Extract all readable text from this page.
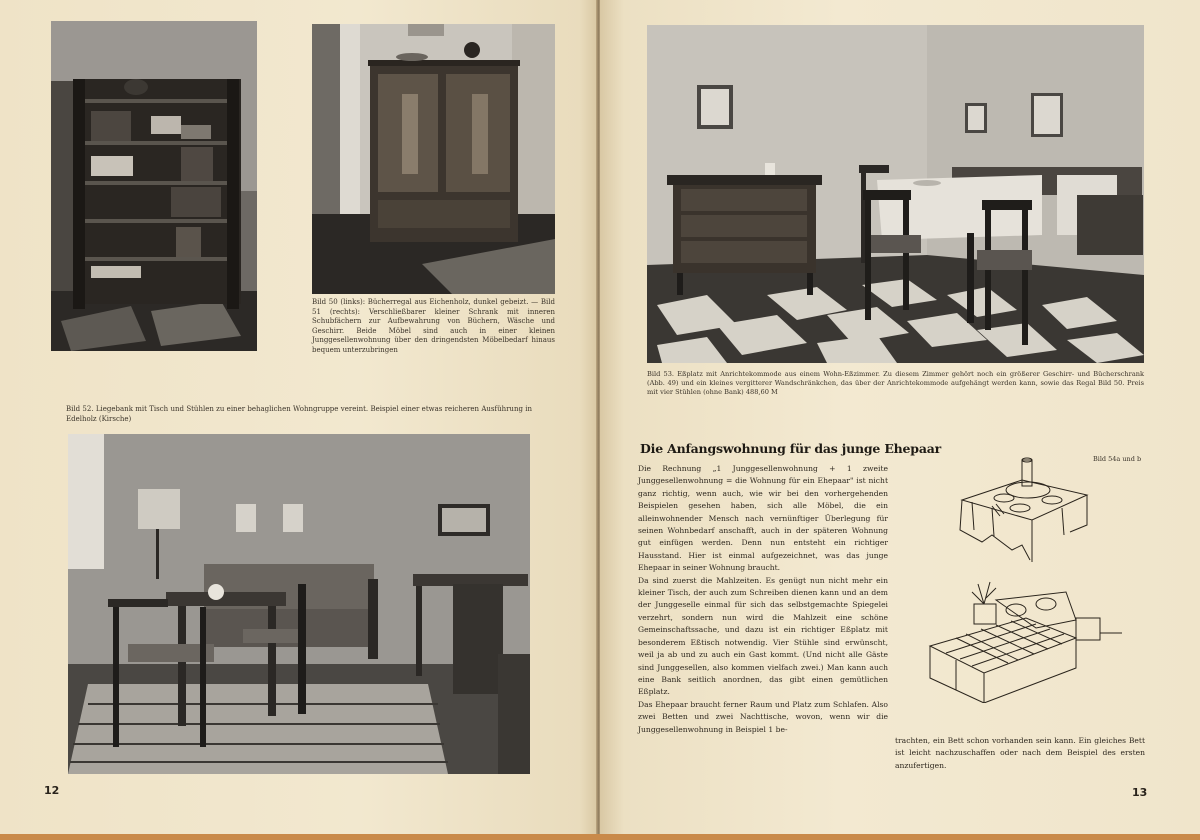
Bild 50 (links): Bücherregal aus Eichenholz, dunkel gebeizt. — Bild 51 (rechts): Verschließbarer kleiner Schrank mit inneren Schubfächern zur Aufbewahrung von Büchern, Wäsche und Geschirr. Beide Möbel sind auch in einer kleinen Junggesellenwohnung über den dringendsten Möbelbedarf hinaus bequem unterzubringen
Bild 52. Liegebank mit Tisch und Stühlen zu einer behaglichen Wohngruppe vereint. Beispiel einer etwas reicheren Ausführung in Edelholz (Kirsche)
12
Bild 53. Eßplatz mit Anrichtekommode aus einem Wohn-Eßzimmer. Zu diesem Zimmer gehört noch ein größerer Geschirr- und Bücherschrank (Abb. 49) und ein kleines vergitterer Wandschränkchen, das über der Anrichtekommode aufgehängt werden kann, sowie das Regal Bild 50. Preis mit vier Stühlen (ohne Bank) 488,60 M
Die Anfangswohnung für das junge Ehepaar
Bild 54a und b

Die Rechnung „1 Junggesellenwohnung + 1 zweite Junggesellenwohnung = die Wohnung für ein Ehepaar" ist nicht ganz richtig, wenn auch, wie wir bei den vorhergehenden Beispielen gesehen haben, sich alle Möbel, die ein alleinwohnender Mensch nach vernünftiger Überlegung für seinen Wohnbedarf anschafft, auch in der späteren Wohnung gut einfügen werden. Denn nun entsteht ein richtiger Hausstand. Hier ist einmal aufgezeichnet, was das junge Ehepaar in seiner Wohnung braucht.

Da sind zuerst die Mahlzeiten. Es genügt nun nicht mehr ein kleiner Tisch, der auch zum Schreiben dienen kann und an dem der Junggeselle einmal für sich das selbstgemachte Spiegelei verzehrt, sondern nun wird die Mahlzeit eine schöne Gemeinschaftssache, und dazu ist ein richtiger Eßplatz mit besonderem Eßtisch notwendig. Vier Stühle sind erwünscht, weil ja ab und zu auch ein Gast kommt. (Und nicht alle Gäste sind Junggesellen, also kommen vielfach zwei.) Man kann auch eine Bank seitlich anordnen, das gibt einen gemütlichen Eßplatz.

Das Ehepaar braucht ferner Raum und Platz zum Schlafen. Also zwei Betten und zwei Nachttische, wovon, wenn wir die Junggesellenwohnung in Beispiel 1 be-

trachten, ein Bett schon vorhanden sein kann. Ein gleiches Bett ist leicht nachzuschaffen oder nach dem Beispiel des ersten anzufertigen.

13
